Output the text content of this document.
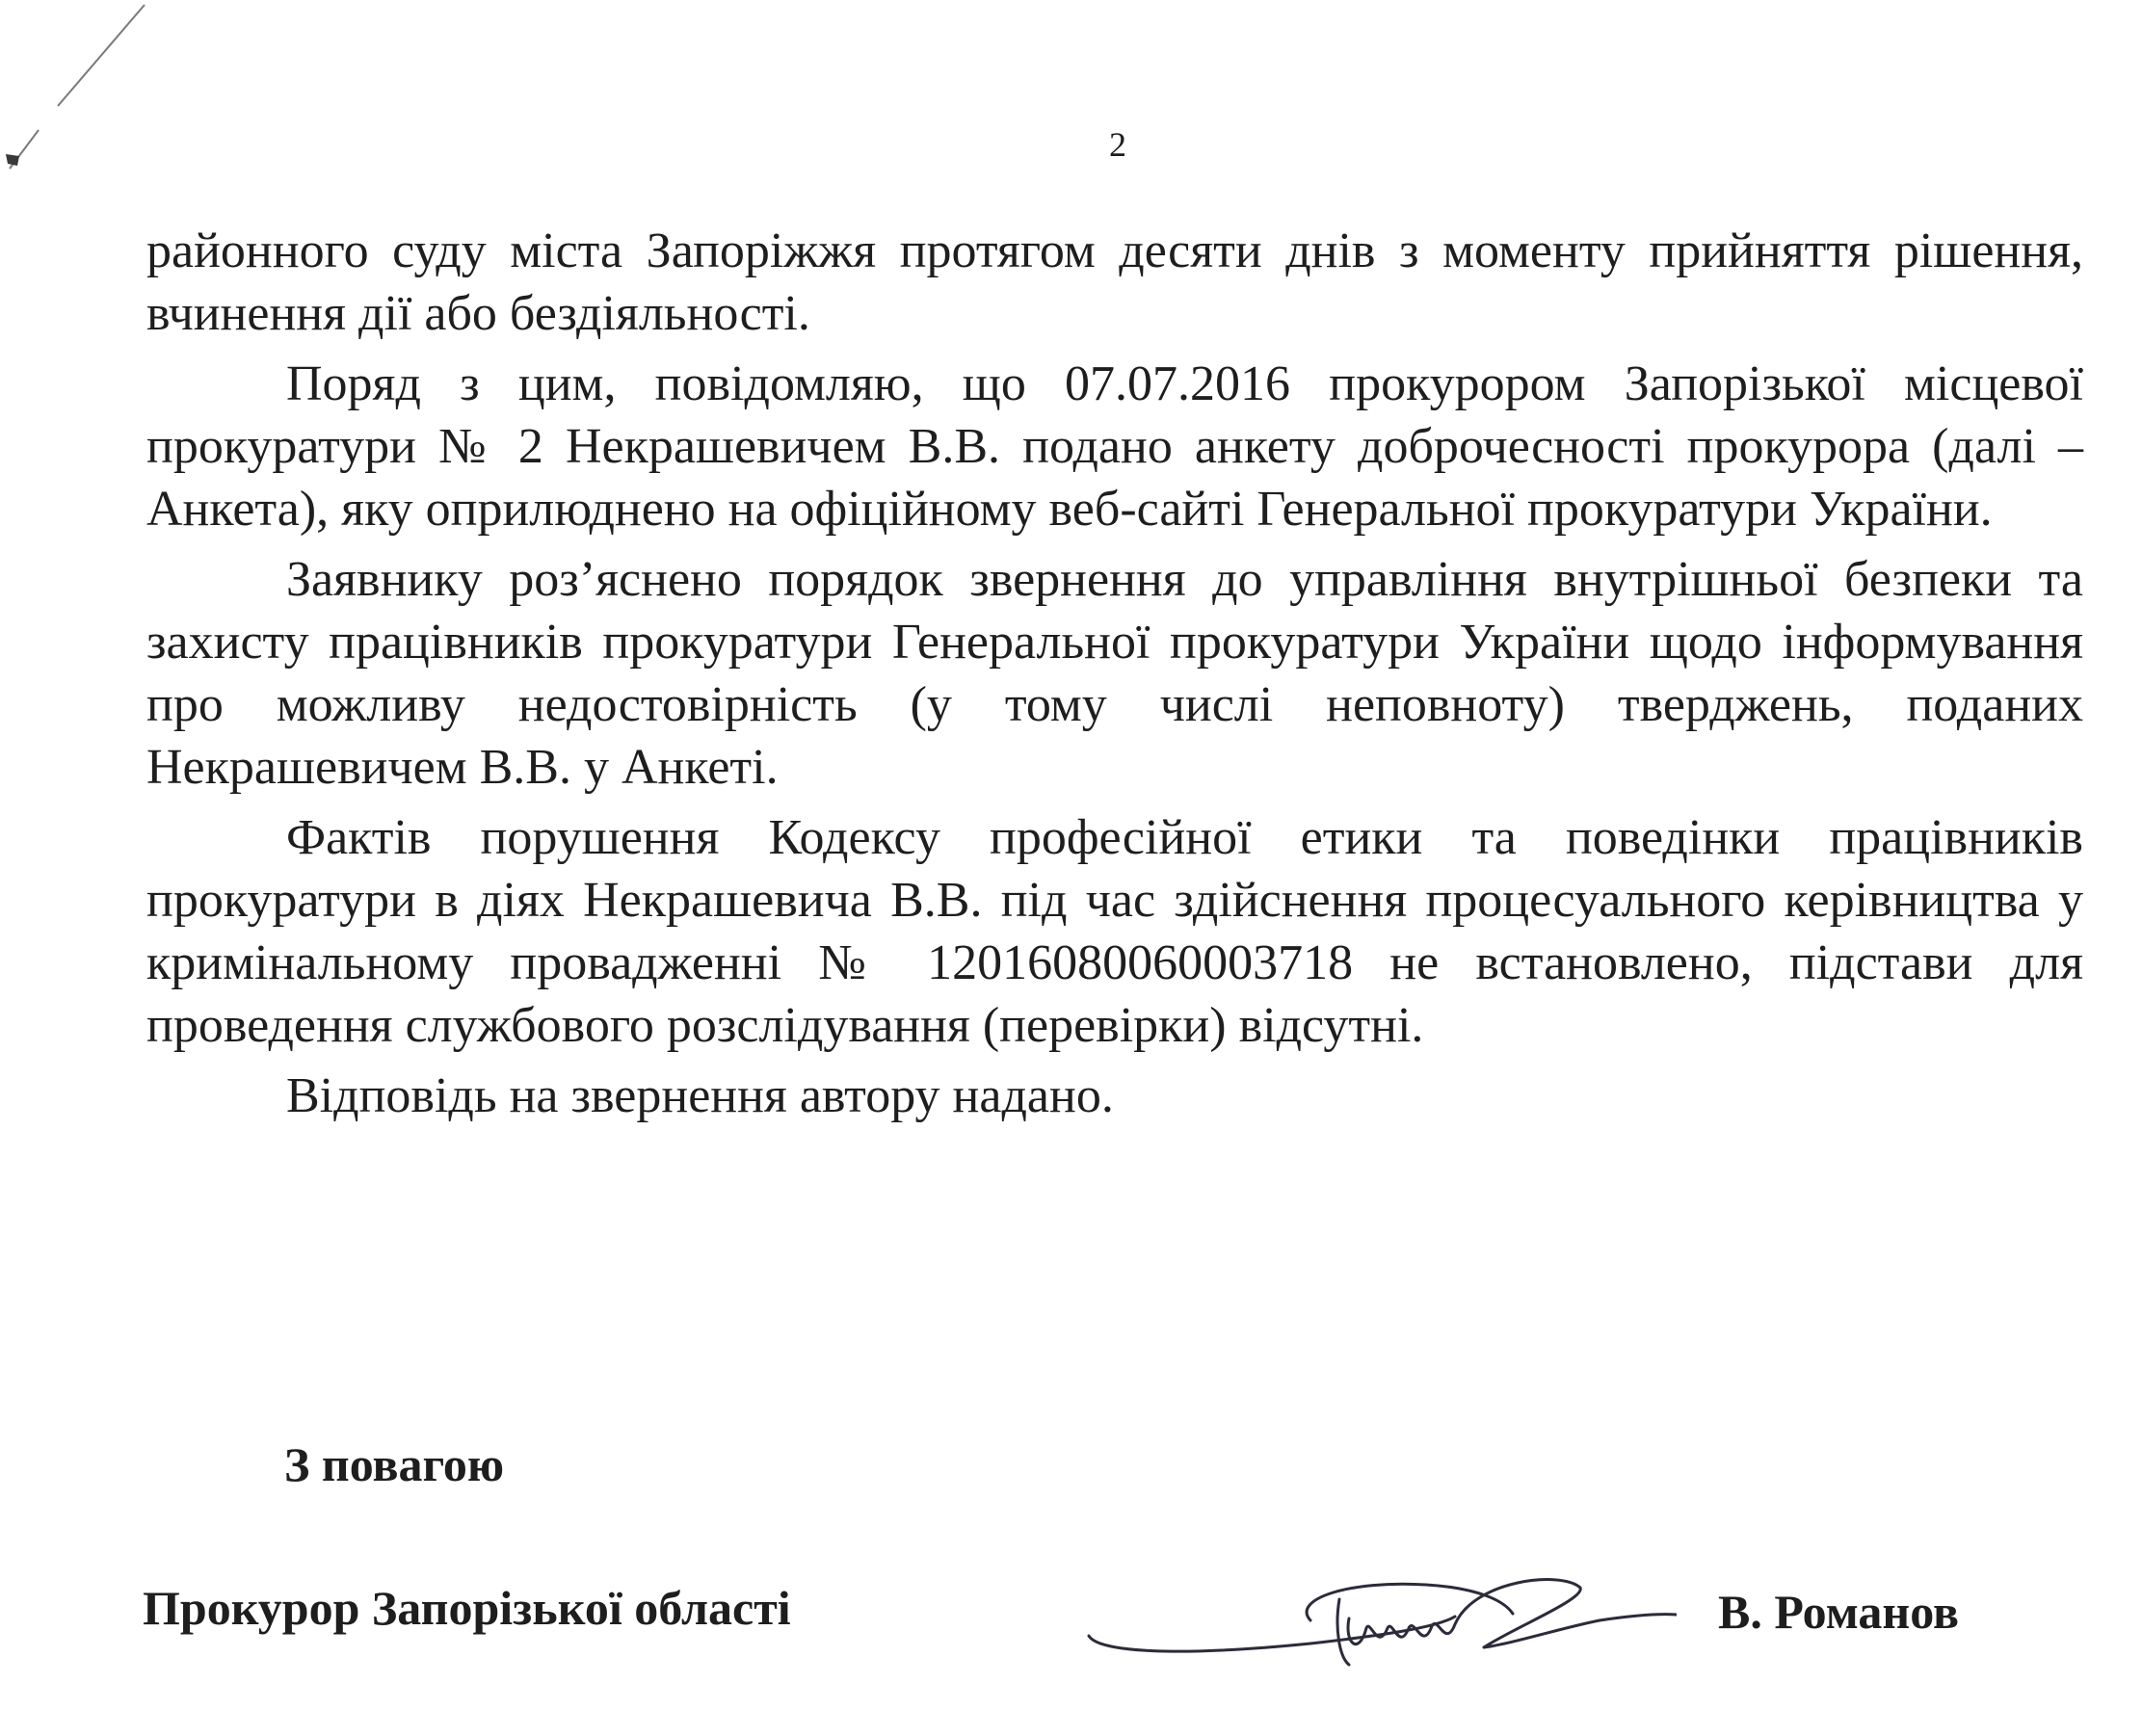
2

районного суду міста Запоріжжя протягом десяти днів з моменту прийняття рішення, вчинення дії або бездіяльності.

Поряд з цим, повідомляю, що 07.07.2016 прокурором Запорізької місцевої прокуратури № 2 Некрашевичем В.В. подано анкету доброчесності прокурора (далі – Анкета), яку оприлюднено на офіційному веб-сайті Генеральної прокуратури України.

Заявнику роз’яснено порядок звернення до управління внутрішньої безпеки та захисту працівників прокуратури Генеральної прокуратури України щодо інформування про можливу недостовірність (у тому числі неповноту) тверджень, поданих Некрашевичем В.В. у Анкеті.

Фактів порушення Кодексу професійної етики та поведінки працівників прокуратури в діях Некрашевича В.В. під час здійснення процесуального керівництва у кримінальному провадженні № 12016080060003718 не встановлено, підстави для проведення службового розслідування (перевірки) відсутні.

Відповідь на звернення автору надано.

З повагою
Прокурор Запорізької області	В. Романов
